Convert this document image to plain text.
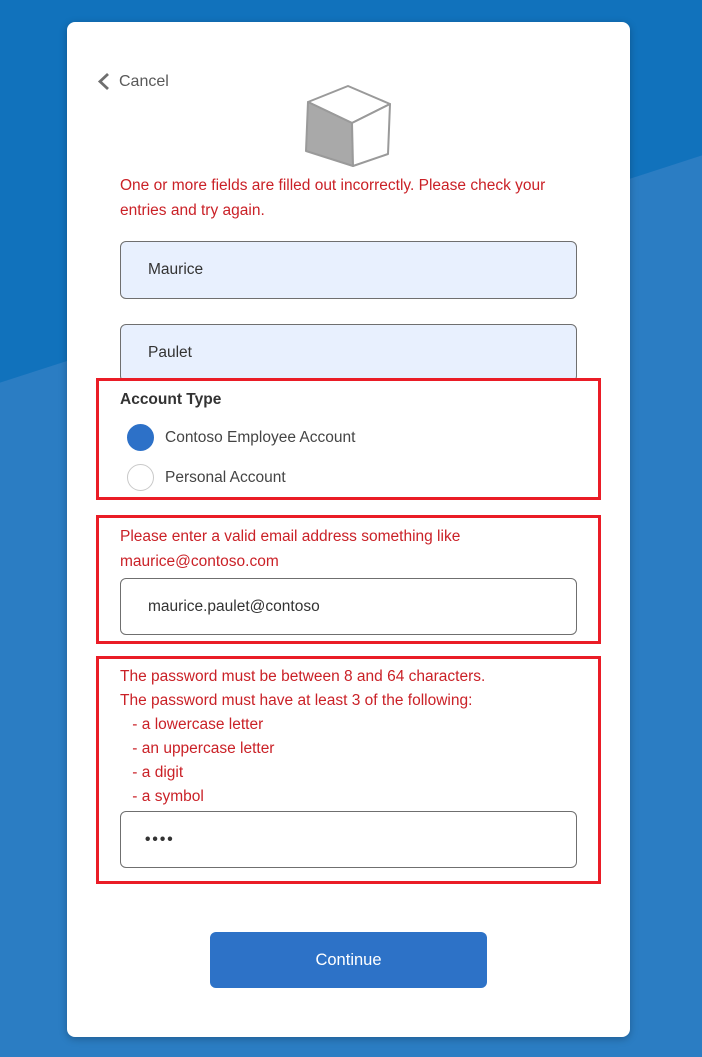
Cancel
One or more fields are filled out incorrectly. Please check your entries and try again.
Maurice
Paulet
Account Type
Contoso Employee Account
Personal Account
Please enter a valid email address something like maurice@contoso.com
maurice.paulet@contoso
The password must be between 8 and 64 characters.
The password must have at least 3 of the following:
- a lowercase letter
- an uppercase letter
- a digit
- a symbol
••••
Continue
